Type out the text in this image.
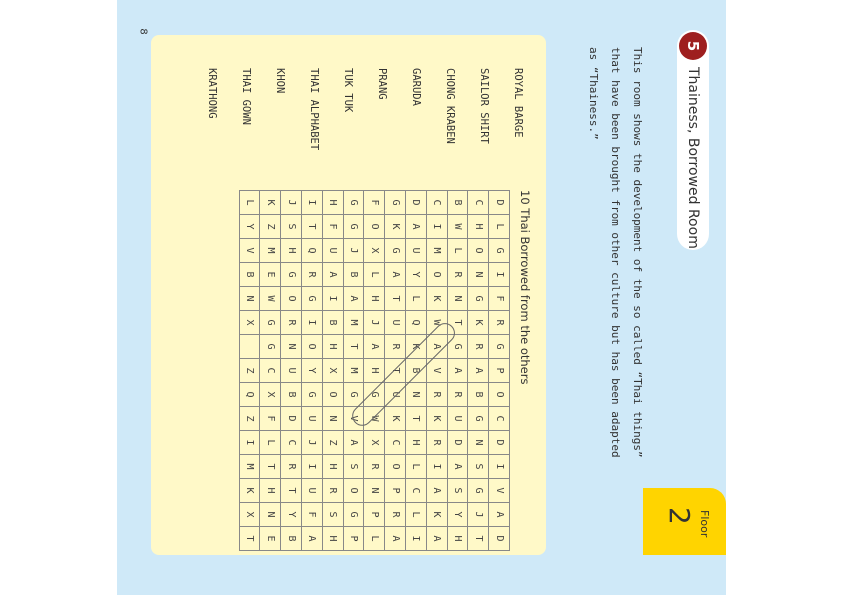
8
Floor
2
5
Thainess, Borrowed Room
This room shows the development of the so called “Thai things” that have been brought from other culture but has been adapted as “Thainess.”
ROYAL BARGE
SAILOR SHIRT
CHONG KRABEN
GARUDA
PRANG
TUK TUK
THAI ALPHABET
KHON
THAI GOWN
KRATHONG
10 Thai Borrowed from the others
D	L	G	I	F	R	G	P	O	C	D	I	V	A	D
C	H	O	N	G	K	R	A	B	G	N	S	G	J	T
B	W	L	R	N	T	G	A	R	U	D	A	S	Y	H
C	I	M	O	K	W	A	V	R	K	R	I	A	K	A
D	A	U	Y	L	Q	K	B	N	T	H	L	C	L	I
G	K	G	A	T	U	R	T	U	K	C	O	P	R	A
F	O	X	L	H	J	A	H	G	W	X	R	N	P	L
G	G	J	B	A	M	T	M	G	V	A	S	O	G	P
H	F	U	A	I	B	H	X	O	N	Z	H	R	S	H
I	T	Q	R	G	I	O	Y	G	U	J	I	U	F	A
J	S	H	G	O	R	N	U	B	D	C	R	T	Y	B
K	Z	M	E	W	G	G	C	X	F	L	T	H	N	E
L	Y	V	B	N	X		Z	Q	Z	I	M	K	X	T
